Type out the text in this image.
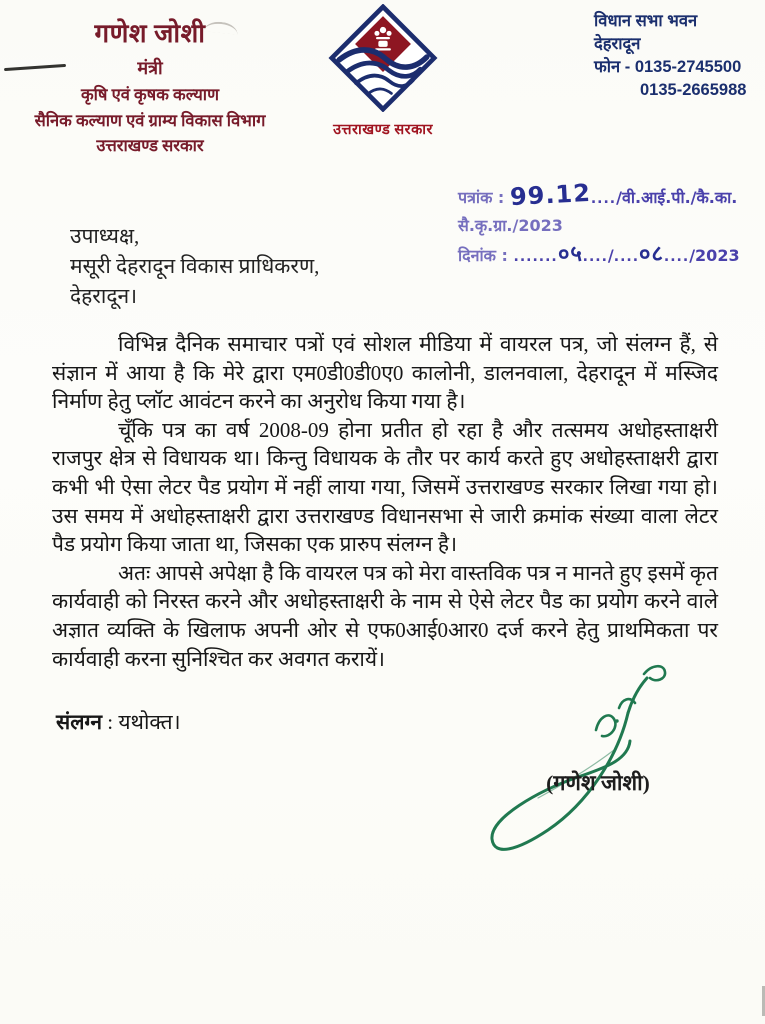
गणेश जोशी
मंत्री
कृषि एवं कृषक कल्याण
सैनिक कल्याण एवं ग्राम्य विकास विभाग
उत्तराखण्ड सरकार
उत्तराखण्ड सरकार
विधान सभा भवन
देहरादून
फोन - 0135-2745500
0135-2665988
पत्रांक : 99.12..../वी.आई.पी./कै.का.
सै.कृ.ग्रा./2023
दिनांक : .......०५..../....०८..../2023
उपाध्यक्ष,
मसूरी देहरादून विकास प्राधिकरण,
देहरादून।

विभिन्न दैनिक समाचार पत्रों एवं सोशल मीडिया में वायरल पत्र, जो संलग्न हैं, से संज्ञान में आया है कि मेरे द्वारा एम0डी0डी0ए0 कालोनी, डालनवाला, देहरादून में मस्जिद निर्माण हेतु प्लॉट आवंटन करने का अनुरोध किया गया है।

चूँकि पत्र का वर्ष 2008-09 होना प्रतीत हो रहा है और तत्समय अधोहस्ताक्षरी राजपुर क्षेत्र से विधायक था। किन्तु विधायक के तौर पर कार्य करते हुए अधोहस्ताक्षरी द्वारा कभी भी ऐसा लेटर पैड प्रयोग में नहीं लाया गया, जिसमें उत्तराखण्ड सरकार लिखा गया हो। उस समय में अधोहस्ताक्षरी द्वारा उत्तराखण्ड विधानसभा से जारी क्रमांक संख्या वाला लेटर पैड प्रयोग किया जाता था, जिसका एक प्रारुप संलग्न है।

अतः आपसे अपेक्षा है कि वायरल पत्र को मेरा वास्तविक पत्र न मानते हुए इसमें कृत कार्यवाही को निरस्त करने और अधोहस्ताक्षरी के नाम से ऐसे लेटर पैड का प्रयोग करने वाले अज्ञात व्यक्ति के खिलाफ अपनी ओर से एफ0आई0आर0 दर्ज करने हेतु प्राथमिकता पर कार्यवाही करना सुनिश्चित कर अवगत करायें।

संलग्न : यथोक्त।
(गणेश जोशी)
